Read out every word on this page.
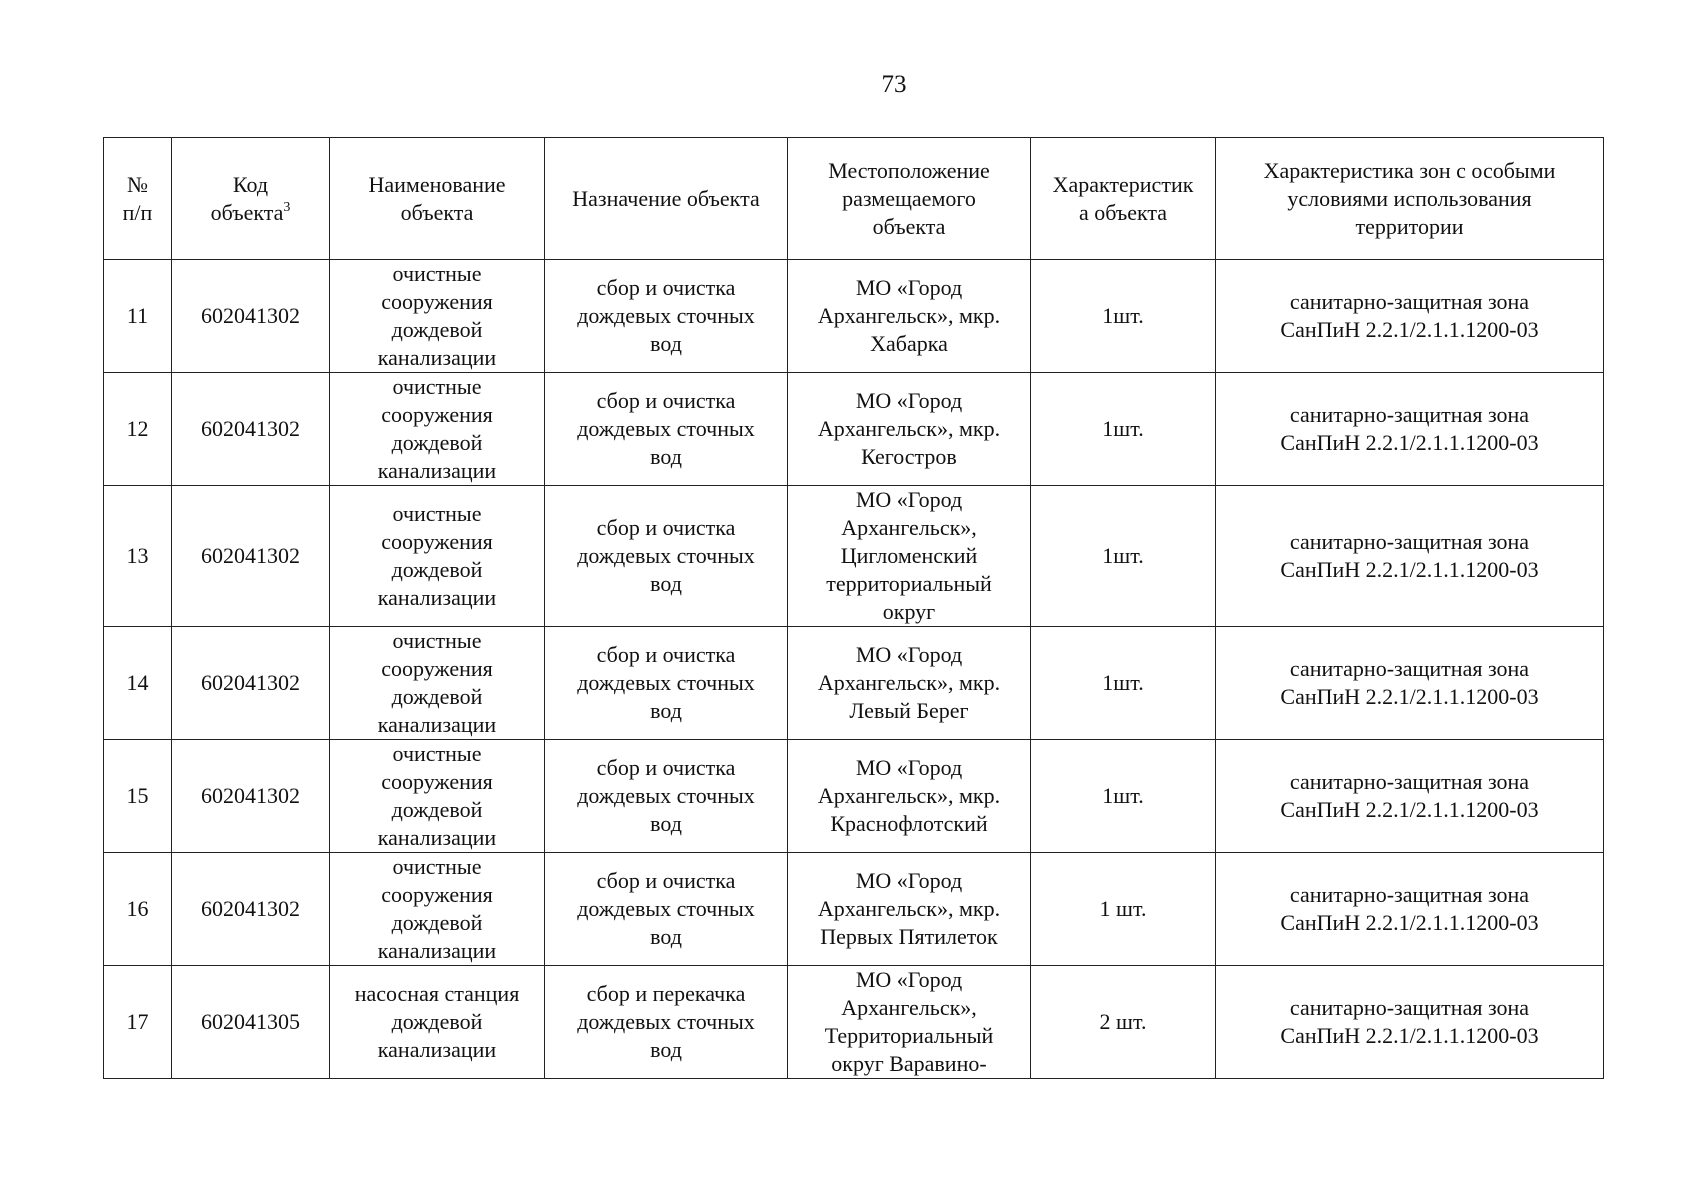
73
№
п/п	Код
объекта$^3$	Наименование
объекта	Назначение объекта	Местоположение
размещаемого
объекта	Характеристик
а объекта	Характеристика зон с особыми
условиями использования
территории

11	602041302	очистные
сооружения
дождевой
канализации	сбор и очистка
дождевых сточных
вод	МО «Город
Архангельск», мкр.
Хабарка	1шт.	санитарно-защитная зона
СанПиН 2.2.1/2.1.1.1200-03

12	602041302	очистные
сооружения
дождевой
канализации	сбор и очистка
дождевых сточных
вод	МО «Город
Архангельск», мкр.
Кегостров	1шт.	санитарно-защитная зона
СанПиН 2.2.1/2.1.1.1200-03

13	602041302	очистные
сооружения
дождевой
канализации	сбор и очистка
дождевых сточных
вод	МО «Город
Архангельск»,
Цигломенский
территориальный
округ	1шт.	санитарно-защитная зона
СанПиН 2.2.1/2.1.1.1200-03

14	602041302	очистные
сооружения
дождевой
канализации	сбор и очистка
дождевых сточных
вод	МО «Город
Архангельск», мкр.
Левый Берег	1шт.	санитарно-защитная зона
СанПиН 2.2.1/2.1.1.1200-03

15	602041302	очистные
сооружения
дождевой
канализации	сбор и очистка
дождевых сточных
вод	МО «Город
Архангельск», мкр.
Краснофлотский	1шт.	санитарно-защитная зона
СанПиН 2.2.1/2.1.1.1200-03

16	602041302	очистные
сооружения
дождевой
канализации	сбор и очистка
дождевых сточных
вод	МО «Город
Архангельск», мкр.
Первых Пятилеток	1 шт.	санитарно-защитная зона
СанПиН 2.2.1/2.1.1.1200-03

17	602041305	насосная станция
дождевой
канализации	сбор и перекачка
дождевых сточных
вод	МО «Город
Архангельск»,
Территориальный
округ Варавино-	2 шт.	санитарно-защитная зона
СанПиН 2.2.1/2.1.1.1200-03
